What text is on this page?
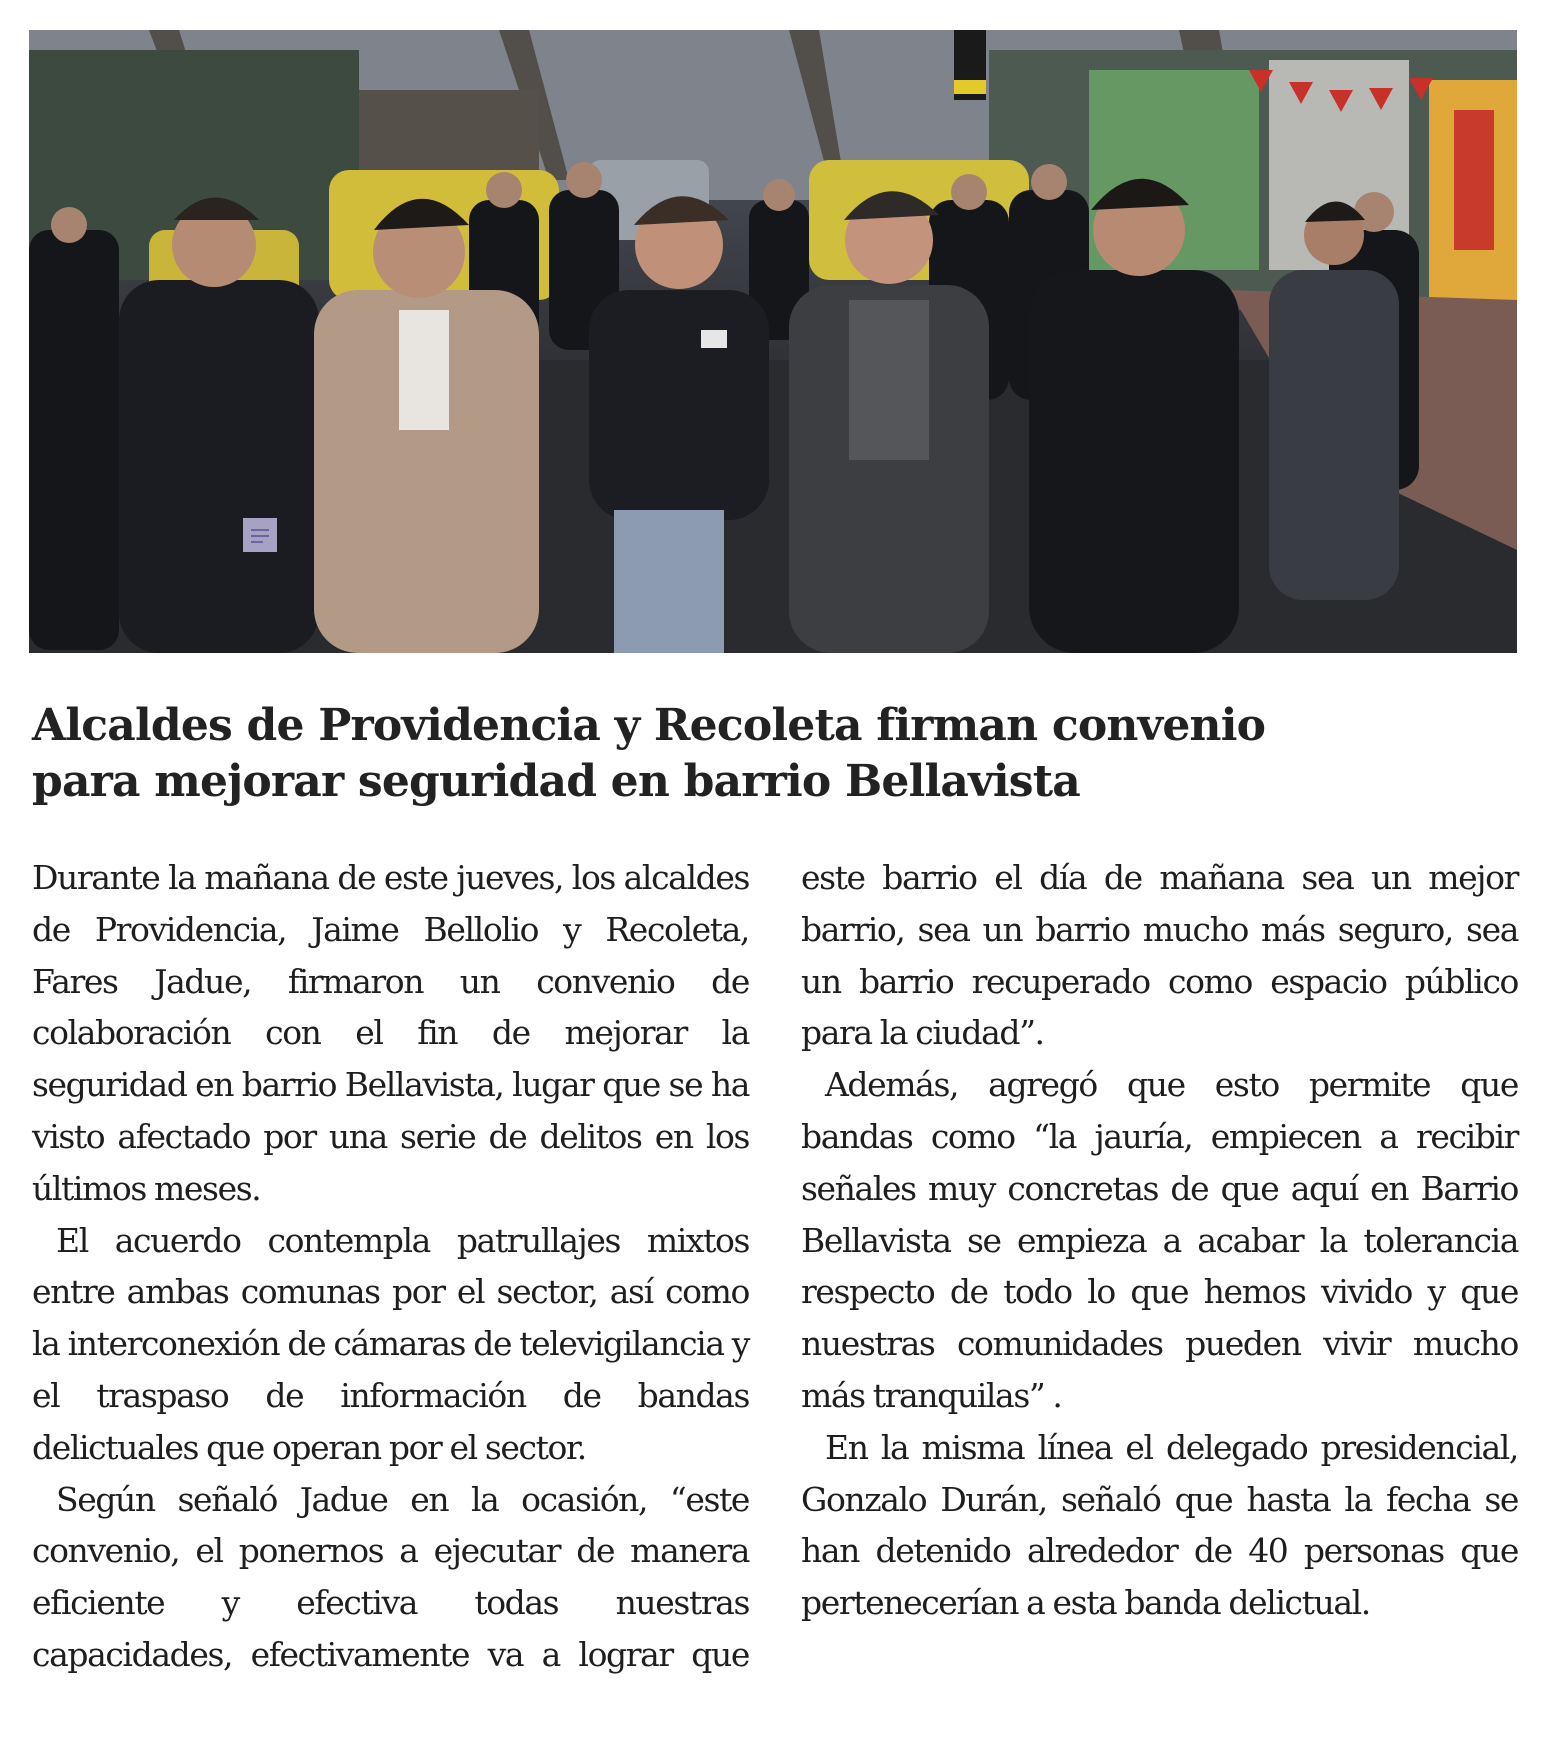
Alcaldes de Providencia y Recoleta firman convenio para mejorar seguridad en barrio Bellavista

Durante la mañana de este jueves, los alcaldes de Providencia, Jaime Bellolio y Recoleta, Fares Jadue, firmaron un convenio de colaboración con el fin de mejorar la seguridad en barrio Bellavista, lugar que se ha visto afectado por una serie de delitos en los últimos meses.

El acuerdo contempla patrullajes mixtos entre ambas comunas por el sector, así como la interconexión de cámaras de televigilancia y el traspaso de información de bandas delictuales que operan por el sector.

Según señaló Jadue en la ocasión, “este convenio, el ponernos a ejecutar de manera eficiente y efectiva todas nuestras capacidades, efectivamente va a lograr que este barrio el día de mañana sea un mejor barrio, sea un barrio mucho más seguro, sea un barrio recuperado como espacio público para la ciudad”.

Además, agregó que esto permite que bandas como “la jauría, empiecen a recibir señales muy concretas de que aquí en Barrio Bellavista se empieza a acabar la tolerancia respecto de todo lo que hemos vivido y que nuestras comunidades pueden vivir mucho más tranquilas” .

En la misma línea el delegado presidencial, Gonzalo Durán, señaló que hasta la fecha se han detenido alrededor de 40 personas que pertenecerían a esta banda delictual.
